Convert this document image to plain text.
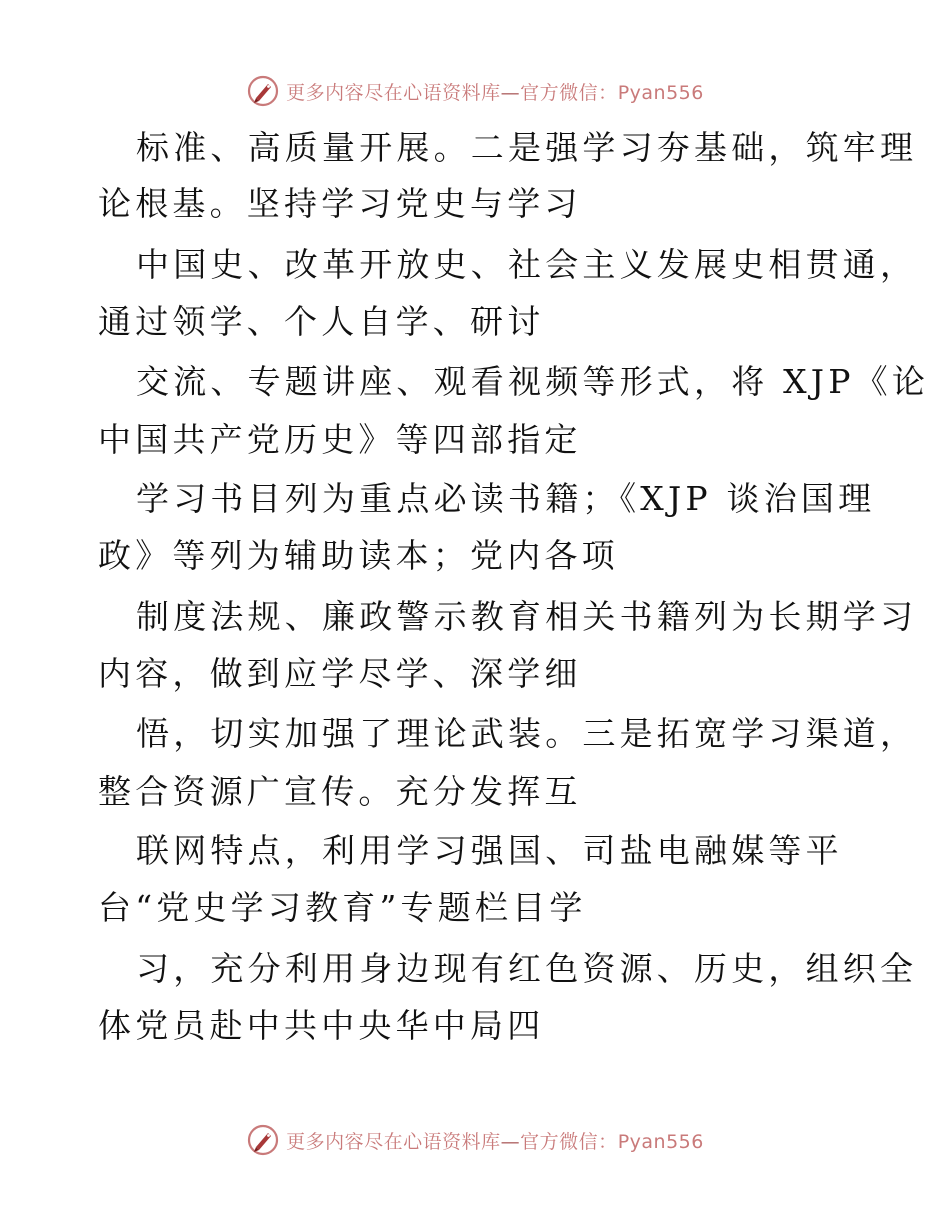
更多内容尽在心语资料库—官方微信：Pyan556
标准、高质量开展。二是强学习夯基础，筑牢理
论根基。坚持学习党史与学习
中国史、改革开放史、社会主义发展史相贯通，
通过领学、个人自学、研讨
交流、专题讲座、观看视频等形式，将 XJP《论
中国共产党历史》等四部指定
学习书目列为重点必读书籍；《XJP 谈治国理
政》等列为辅助读本；党内各项
制度法规、廉政警示教育相关书籍列为长期学习
内容，做到应学尽学、深学细
悟，切实加强了理论武装。三是拓宽学习渠道，
整合资源广宣传。充分发挥互
联网特点，利用学习强国、司盐电融媒等平
台“党史学习教育”专题栏目学
习，充分利用身边现有红色资源、历史，组织全
体党员赴中共中央华中局四
更多内容尽在心语资料库—官方微信：Pyan556
